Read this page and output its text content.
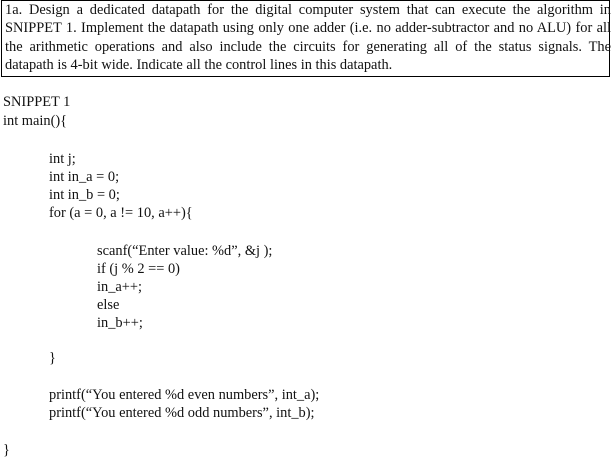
1a. Design a dedicated datapath for the digital computer system that can execute the algorithm in SNIPPET 1. Implement the datapath using only one adder (i.e. no adder-subtractor and no ALU) for all the arithmetic operations and also include the circuits for generating all of the status signals. The datapath is 4-bit wide. Indicate all the control lines in this datapath.
SNIPPET 1
int main(){
int j;
int in_a = 0;
int in_b = 0;
for (a = 0, a != 10, a++){
scanf(“Enter value: %d”, &j );
if (j % 2 == 0)
in_a++;
else
in_b++;
}
printf(“You entered %d even numbers”, int_a);
printf(“You entered %d odd numbers”, int_b);
}
